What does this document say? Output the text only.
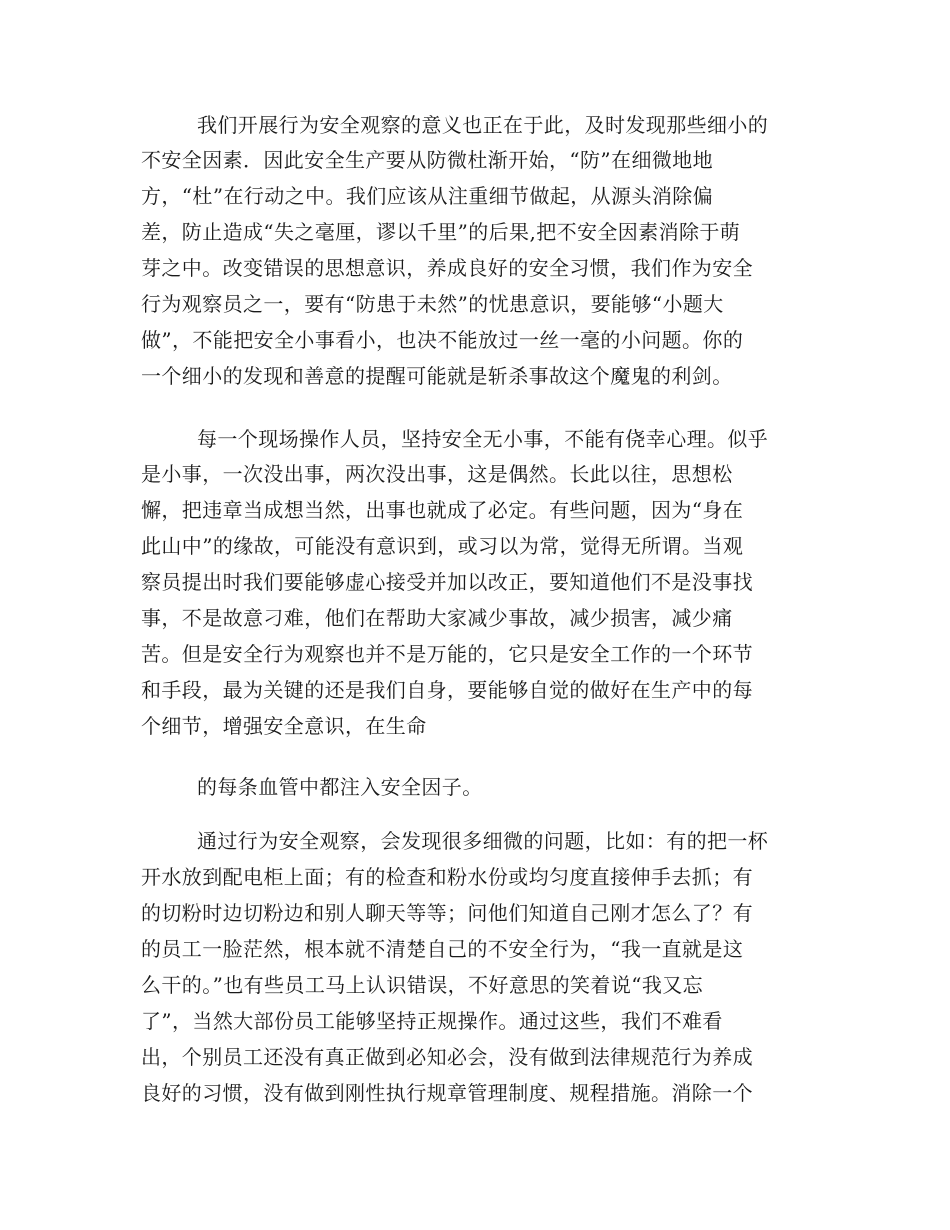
我们开展行为安全观察的意义也正在于此，及时发现那些细小的
不安全因素．因此安全生产要从防微杜渐开始，“防”在细微地地
方，“杜”在行动之中。我们应该从注重细节做起，从源头消除偏
差，防止造成“失之毫厘，谬以千里”的后果,把不安全因素消除于萌
芽之中。改变错误的思想意识，养成良好的安全习惯，我们作为安全
行为观察员之一，要有“防患于未然”的忧患意识，要能够“小题大
做”，不能把安全小事看小，也决不能放过一丝一毫的小问题。你的
一个细小的发现和善意的提醒可能就是斩杀事故这个魔鬼的利剑。
每一个现场操作人员，坚持安全无小事，不能有侥幸心理。似乎
是小事，一次没出事，两次没出事，这是偶然。长此以往，思想松
懈，把违章当成想当然，出事也就成了必定。有些问题，因为“身在
此山中”的缘故，可能没有意识到，或习以为常，觉得无所谓。当观
察员提出时我们要能够虚心接受并加以改正，要知道他们不是没事找
事，不是故意刁难，他们在帮助大家减少事故，减少损害，减少痛
苦。但是安全行为观察也并不是万能的，它只是安全工作的一个环节
和手段，最为关键的还是我们自身，要能够自觉的做好在生产中的每
个细节，增强安全意识，在生命
的每条血管中都注入安全因子。
通过行为安全观察，会发现很多细微的问题，比如：有的把一杯
开水放到配电柜上面；有的检查和粉水份或均匀度直接伸手去抓；有
的切粉时边切粉边和别人聊天等等；问他们知道自己刚才怎么了？有
的员工一脸茫然，根本就不清楚自己的不安全行为，“我一直就是这
么干的。”也有些员工马上认识错误，不好意思的笑着说“我又忘
了”，当然大部份员工能够坚持正规操作。通过这些，我们不难看
出，个别员工还没有真正做到必知必会，没有做到法律规范行为养成
良好的习惯，没有做到刚性执行规章管理制度、规程措施。消除一个
